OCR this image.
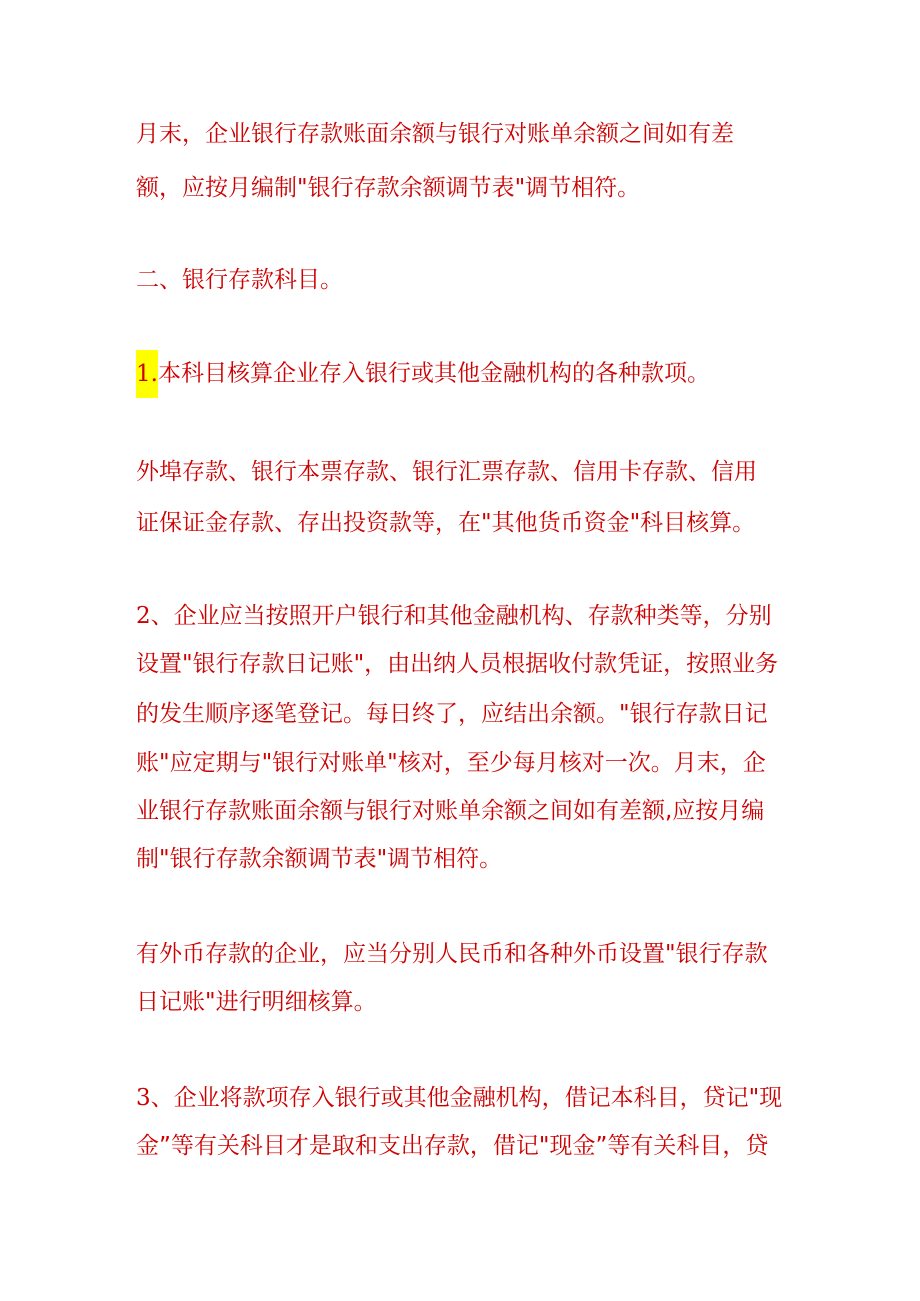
月末，企业银行存款账面余额与银行对账单余额之间如有差

额，应按月编制"银行存款余额调节表"调节相符。

二、银行存款科目。

1.本科目核算企业存入银行或其他金融机构的各种款项。

外埠存款、银行本票存款、银行汇票存款、信用卡存款、信用

证保证金存款、存出投资款等，在"其他货币资金"科目核算。

2、企业应当按照开户银行和其他金融机构、存款种类等，分别

设置"银行存款日记账"，由出纳人员根据收付款凭证，按照业务

的发生顺序逐笔登记。每日终了，应结出余额。"银行存款日记

账"应定期与"银行对账单"核对，至少每月核对一次。月末，企

业银行存款账面余额与银行对账单余额之间如有差额,应按月编

制"银行存款余额调节表"调节相符。

有外币存款的企业，应当分别人民币和各种外币设置"银行存款

日记账"进行明细核算。

3、企业将款项存入银行或其他金融机构，借记本科目，贷记"现

金”等有关科目才是取和支出存款，借记"现金”等有关科目，贷
